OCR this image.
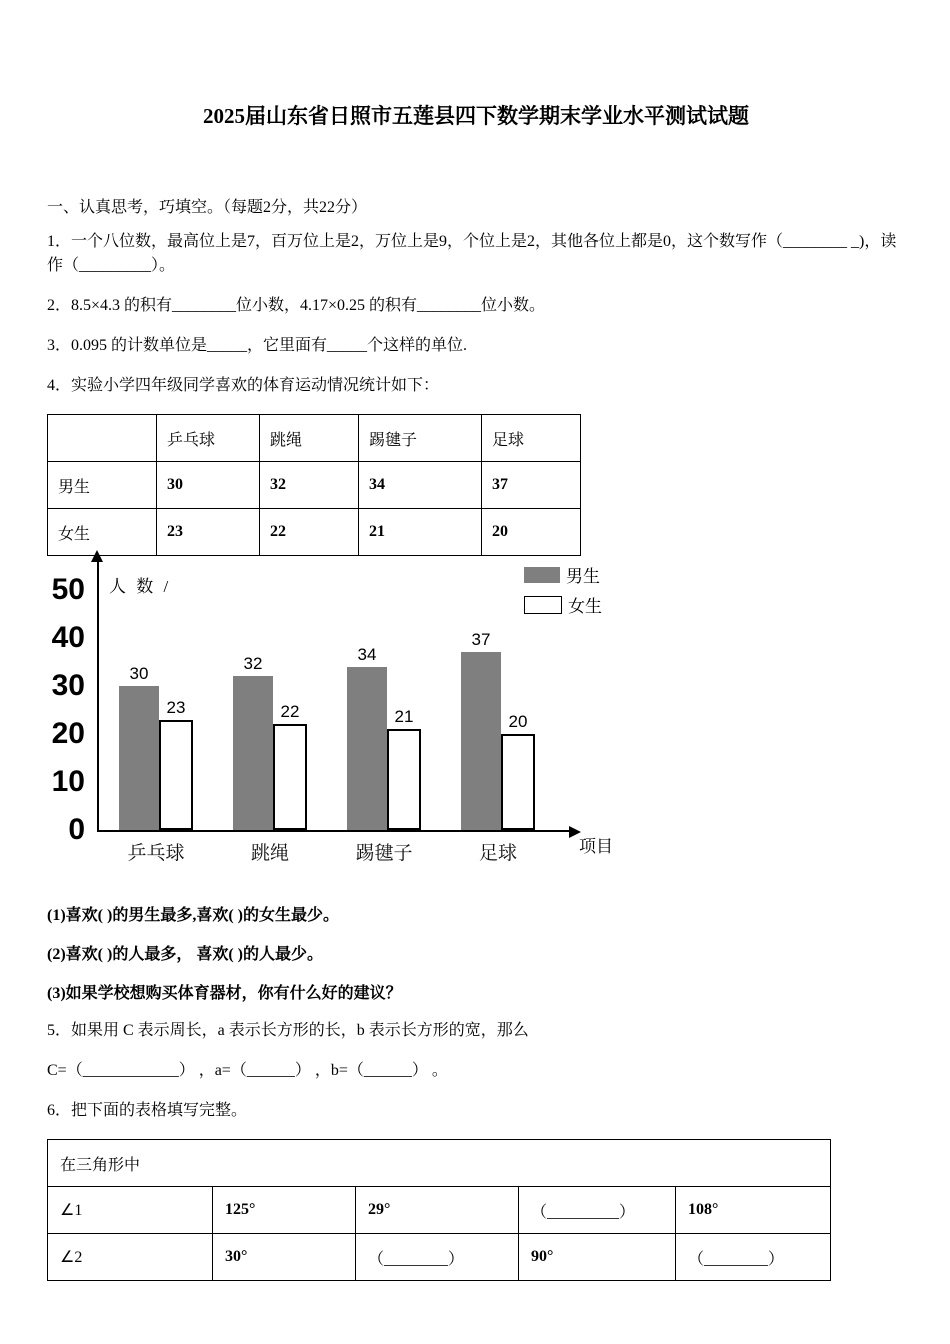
2025届山东省日照市五莲县四下数学期末学业水平测试试题
一、认真思考，巧填空。（每题2分，共22分）

1．一个八位数，最高位上是7，百万位上是2，万位上是9，个位上是2，其他各位上都是0，这个数写作（________ _)，读作（_________）。

2．8.5×4.3 的积有________位小数，4.17×0.25 的积有________位小数。

3．0.095 的计数单位是_____，它里面有_____个这样的单位.

4．实验小学四年级同学喜欢的体育运动情况统计如下：

	乒乓球	跳绳	踢毽子	足球
男生	30	32	34	37
女生	23	22	21	20
0
10
20
30
40
50 人 数 /
男生
女生
30
23
乒乓球
32
22
跳绳
34
21
踢毽子
37
20
足球	项目

(1)喜欢( )的男生最多,喜欢( )的女生最少。

(2)喜欢( )的人最多， 喜欢( )的人最少。

(3)如果学校想购买体育器材，你有什么好的建议？

5．如果用 C 表示周长，a 表示长方形的长，b 表示长方形的宽，那么

C=（____________） ，a=（______） ，b=（______） 。

6．把下面的表格填写完整。

在三角形中				
∠1	125°	29°	（_________）	108°
∠2	30°	（________）	90°	（________）
